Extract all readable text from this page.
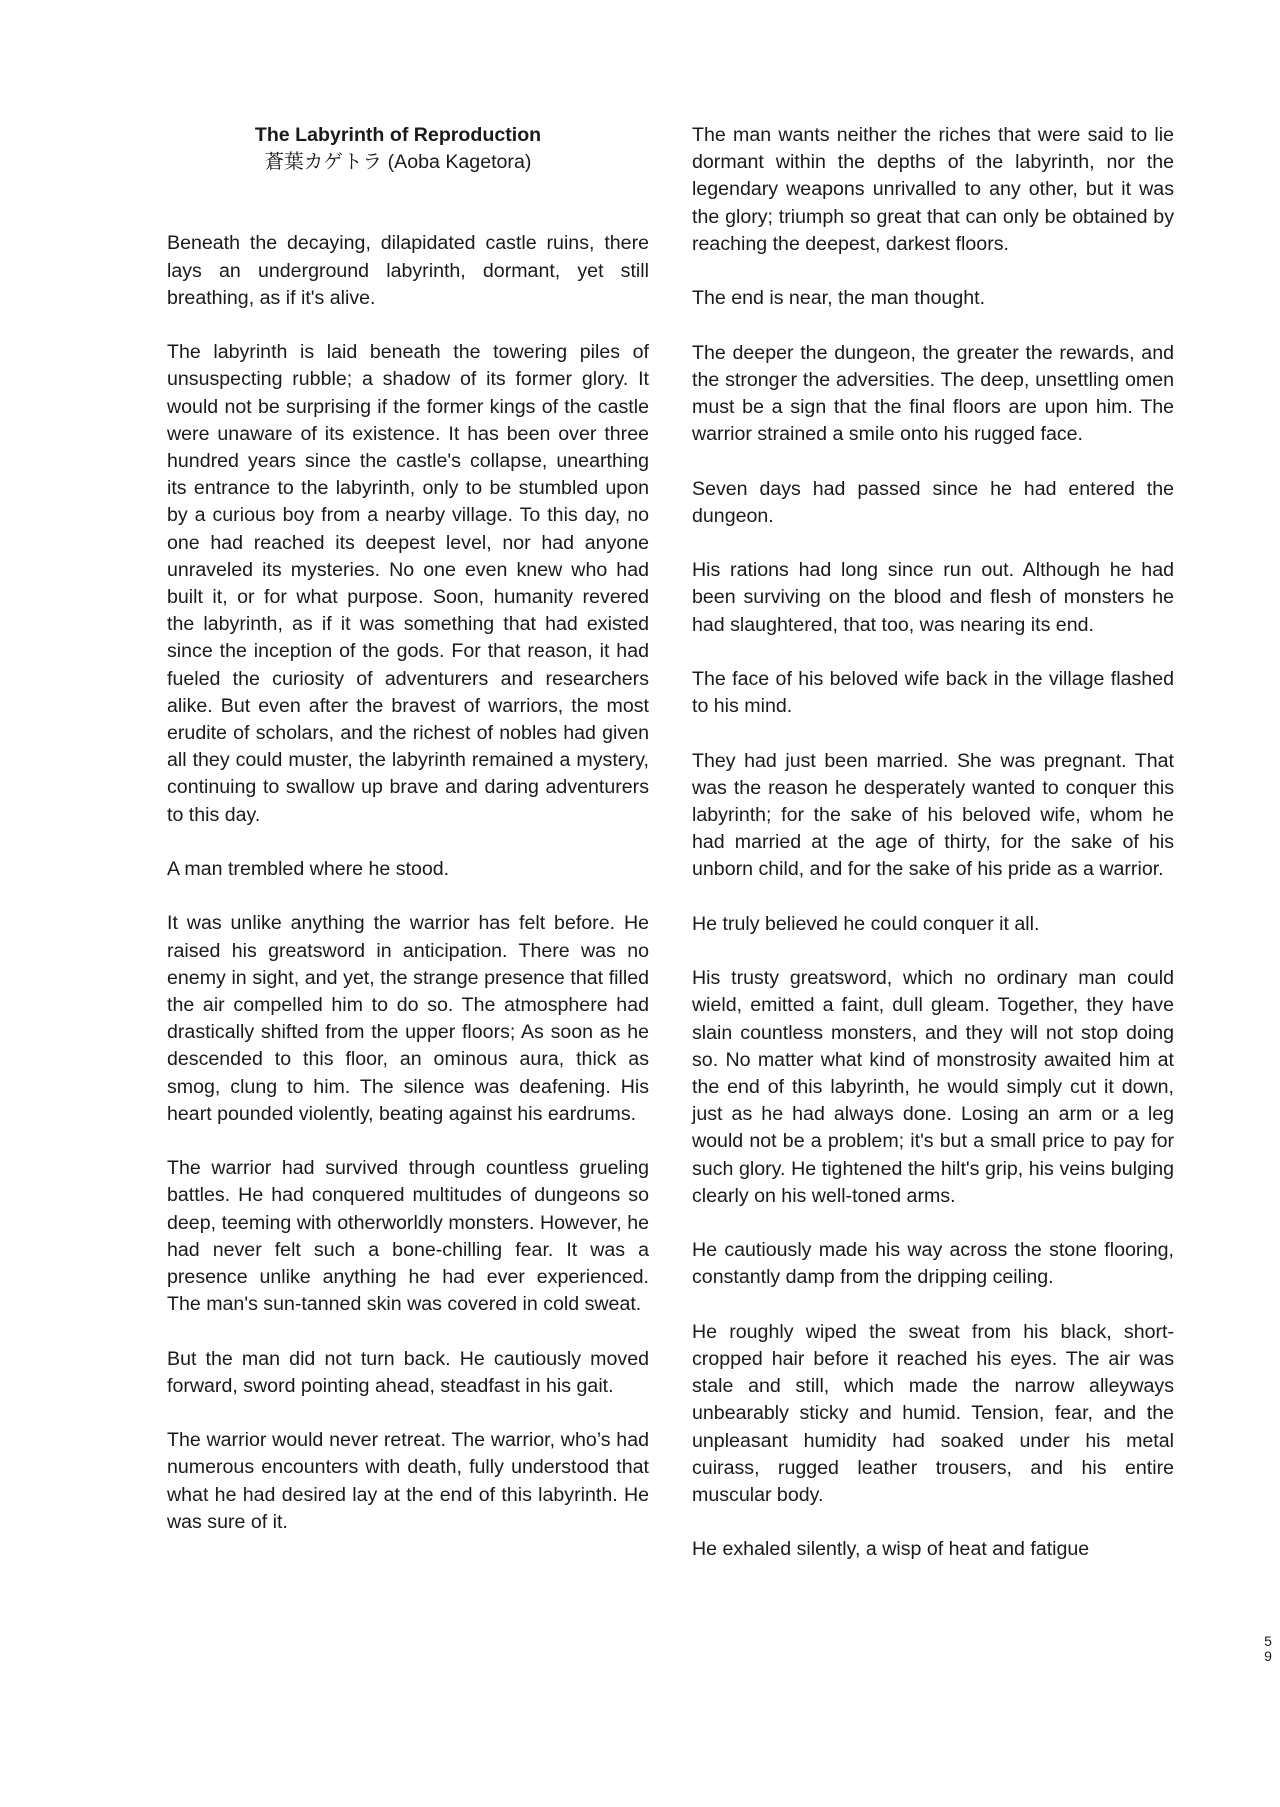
The Labyrinth of Reproduction
蒼葉カゲトラ (Aoba Kagetora)

Beneath the decaying, dilapidated castle ruins, there lays an underground labyrinth, dormant, yet still breathing, as if it's alive.

The labyrinth is laid beneath the towering piles of unsuspecting rubble; a shadow of its former glory. It would not be surprising if the former kings of the castle were unaware of its existence. It has been over three hundred years since the castle's collapse, unearthing its entrance to the labyrinth, only to be stumbled upon by a curious boy from a nearby village. To this day, no one had reached its deepest level, nor had anyone unraveled its mysteries. No one even knew who had built it, or for what purpose. Soon, humanity revered the labyrinth, as if it was something that had existed since the inception of the gods. For that reason, it had fueled the curiosity of adventurers and researchers alike. But even after the bravest of warriors, the most erudite of scholars, and the richest of nobles had given all they could muster, the labyrinth remained a mystery, continuing to swallow up brave and daring adventurers to this day.

A man trembled where he stood.

It was unlike anything the warrior has felt before. He raised his greatsword in anticipation. There was no enemy in sight, and yet, the strange presence that filled the air compelled him to do so. The atmosphere had drastically shifted from the upper floors; As soon as he descended to this floor, an ominous aura, thick as smog, clung to him. The silence was deafening. His heart pounded violently, beating against his eardrums.

The warrior had survived through countless grueling battles. He had conquered multitudes of dungeons so deep, teeming with otherworldly monsters. However, he had never felt such a bone-chilling fear. It was a presence unlike anything he had ever experienced. The man's sun-tanned skin was covered in cold sweat.

But the man did not turn back. He cautiously moved forward, sword pointing ahead, steadfast in his gait.

The warrior would never retreat. The warrior, who’s had numerous encounters with death, fully understood that what he had desired lay at the end of this labyrinth. He was sure of it.

The man wants neither the riches that were said to lie dormant within the depths of the labyrinth, nor the legendary weapons unrivalled to any other, but it was the glory; triumph so great that can only be obtained by reaching the deepest, darkest floors.

The end is near, the man thought.

The deeper the dungeon, the greater the rewards, and the stronger the adversities. The deep, unsettling omen must be a sign that the final floors are upon him. The warrior strained a smile onto his rugged face.

Seven days had passed since he had entered the dungeon.

His rations had long since run out. Although he had been surviving on the blood and flesh of monsters he had slaughtered, that too, was nearing its end.

The face of his beloved wife back in the village flashed to his mind.

They had just been married. She was pregnant. That was the reason he desperately wanted to conquer this labyrinth; for the sake of his beloved wife, whom he had married at the age of thirty, for the sake of his unborn child, and for the sake of his pride as a warrior.

He truly believed he could conquer it all.

His trusty greatsword, which no ordinary man could wield, emitted a faint, dull gleam. Together, they have slain countless monsters, and they will not stop doing so. No matter what kind of monstrosity awaited him at the end of this labyrinth, he would simply cut it down, just as he had always done. Losing an arm or a leg would not be a problem; it's but a small price to pay for such glory. He tightened the hilt's grip, his veins bulging clearly on his well-toned arms.

He cautiously made his way across the stone flooring, constantly damp from the dripping ceiling.

He roughly wiped the sweat from his black, short-cropped hair before it reached his eyes. The air was stale and still, which made the narrow alleyways unbearably sticky and humid. Tension, fear, and the unpleasant humidity had soaked under his metal cuirass, rugged leather trousers, and his entire muscular body.

He exhaled silently, a wisp of heat and fatigue

59
